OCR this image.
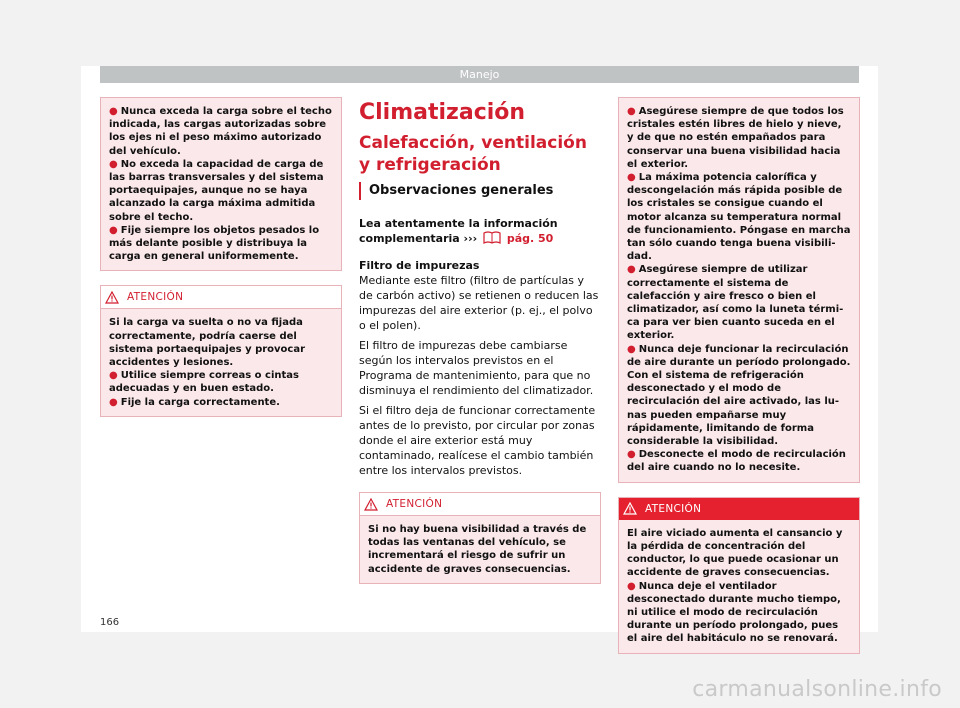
Manejo

● Nunca exceda la carga sobre el techo indicada, las cargas autorizadas sobre los ejes ni el peso máximo autorizado del vehículo.

● No exceda la capacidad de carga de las barras transversales y del sistema portaequipajes, aunque no se haya alcanzado la carga máxima admitida sobre el techo.

● Fije siempre los objetos pesados lo más delante posible y distribuya la carga en general uniformemente.

ATENCIÓN

Si la carga va suelta o no va fijada correctamente, podría caerse del sistema portaequipajes y provocar accidentes y lesiones.

● Utilice siempre correas o cintas adecuadas y en buen estado.

● Fije la carga correctamente.

Climatización
Calefacción, ventilación y refrigeración
Observaciones generales

Lea atentamente la información complementaria ›››	pág. 50

Filtro de impurezas

Mediante este filtro (filtro de partículas y de carbón activo) se retienen o reducen las impurezas del aire exterior (p. ej., el polvo o el polen).

El filtro de impurezas debe cambiarse según los intervalos previstos en el Programa de mantenimiento, para que no disminuya el rendimiento del climatizador.

Si el filtro deja de funcionar correctamente antes de lo previsto, por circular por zonas donde el aire exterior está muy contaminado, realícese el cambio también entre los intervalos previstos.

ATENCIÓN

Si no hay buena visibilidad a través de todas las ventanas del vehículo, se incrementará el riesgo de sufrir un accidente de graves consecuencias.

● Asegúrese siempre de que todos los cristales estén libres de hielo y nieve, y de que no estén empañados para conservar una buena visibilidad hacia el exterior.

● La máxima potencia calorífica y descongelación más rápida posible de los cristales se consigue cuando el motor alcanza su temperatura normal de funcionamiento. Póngase en marcha tan sólo cuando tenga buena visibilidad.

● Asegúrese siempre de utilizar correctamente el sistema de calefacción y aire fresco o bien el climatizador, así como la luneta térmica para ver bien cuanto suceda en el exterior.

● Nunca deje funcionar la recirculación de aire durante un período prolongado. Con el sistema de refrigeración desconectado y el modo de recirculación del aire activado, las lunas pueden empañarse muy rápidamente, limitando de forma considerable la visibilidad.

● Desconecte el modo de recirculación del aire cuando no lo necesite.

ATENCIÓN

El aire viciado aumenta el cansancio y la pérdida de concentración del conductor, lo que puede ocasionar un accidente de graves consecuencias.

● Nunca deje el ventilador desconectado durante mucho tiempo, ni utilice el modo de recirculación durante un período prolongado, pues el aire del habitáculo no se renovará.

166
carmanualsonline.info
